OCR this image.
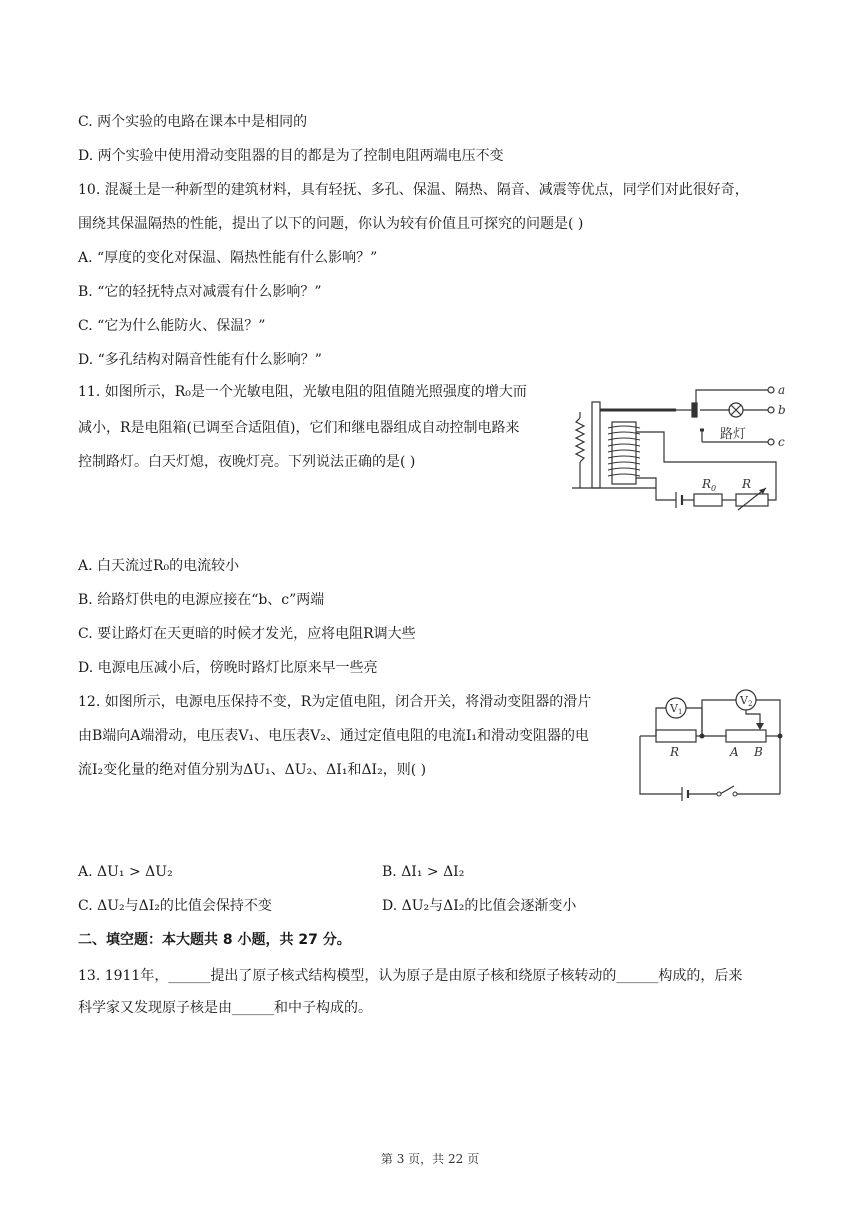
C. 两个实验的电路在课本中是相同的
D. 两个实验中使用滑动变阻器的目的都是为了控制电阻两端电压不变
10. 混凝土是一种新型的建筑材料，具有轻抚、多孔、保温、隔热、隔音、减震等优点，同学们对此很好奇，
围绕其保温隔热的性能，提出了以下的问题，你认为较有价值且可探究的问题是( )
A. “厚度的变化对保温、隔热性能有什么影响？”
B. “它的轻抚特点对减震有什么影响？”
C. “它为什么能防火、保温？”
D. “多孔结构对隔音性能有什么影响？”
11. 如图所示，R₀是一个光敏电阻，光敏电阻的阻值随光照强度的增大而
减小，R是电阻箱(已调至合适阻值)，它们和继电器组成自动控制电路来
控制路灯。白天灯熄，夜晚灯亮。下列说法正确的是( )
A. 白天流过R₀的电流较小
B. 给路灯供电的电源应接在“b、c”两端
C. 要让路灯在天更暗的时候才发光，应将电阻R调大些
D. 电源电压减小后，傍晚时路灯比原来早一些亮
12. 如图所示，电源电压保持不变，R为定值电阻，闭合开关，将滑动变阻器的滑片
由B端向A端滑动，电压表V₁、电压表V₂、通过定值电阻的电流I₁和滑动变阻器的电
流I₂变化量的绝对值分别为ΔU₁、ΔU₂、ΔI₁和ΔI₂，则( )
A. ΔU₁ > ΔU₂	B. ΔI₁ > ΔI₂
C. ΔU₂与ΔI₂的比值会保持不变	D. ΔU₂与ΔI₂的比值会逐渐变小
二、填空题：本大题共 8 小题，共 27 分。
13. 1911年，______提出了原子核式结构模型，认为原子是由原子核和绕原子核转动的______构成的，后来
科学家又发现原子核是由______和中子构成的。
a
b
c
路灯
$R_0$ R
V1
V2
R	A B
第 3 页，共 22 页
